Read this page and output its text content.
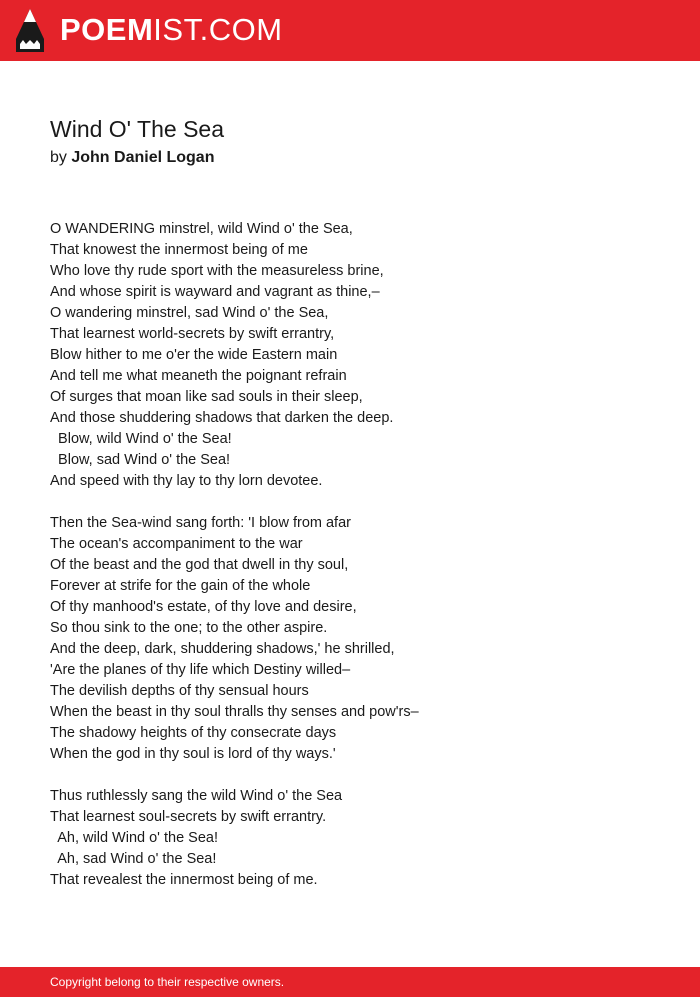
POEMIST.COM
Wind O' The Sea
by John Daniel Logan
O WANDERING minstrel, wild Wind o' the Sea,
That knowest the innermost being of me
Who love thy rude sport with the measureless brine,
And whose spirit is wayward and vagrant as thine,–
O wandering minstrel, sad Wind o' the Sea,
That learnest world-secrets by swift errantry,
Blow hither to me o'er the wide Eastern main
And tell me what meaneth the poignant refrain
Of surges that moan like sad souls in their sleep,
And those shuddering shadows that darken the deep.
Blow, wild Wind o' the Sea!
Blow, sad Wind o' the Sea!
And speed with thy lay to thy lorn devotee.
Then the Sea-wind sang forth: 'I blow from afar
The ocean's accompaniment to the war
Of the beast and the god that dwell in thy soul,
Forever at strife for the gain of the whole
Of thy manhood's estate, of thy love and desire,
So thou sink to the one; to the other aspire.
And the deep, dark, shuddering shadows,' he shrilled,
'Are the planes of thy life which Destiny willed–
The devilish depths of thy sensual hours
When the beast in thy soul thralls thy senses and pow'rs–
The shadowy heights of thy consecrate days
When the god in thy soul is lord of thy ways.'
Thus ruthlessly sang the wild Wind o' the Sea
That learnest soul-secrets by swift errantry.
Ah, wild Wind o' the Sea!
Ah, sad Wind o' the Sea!
That revealest the innermost being of me.
Copyright belong to their respective owners.
